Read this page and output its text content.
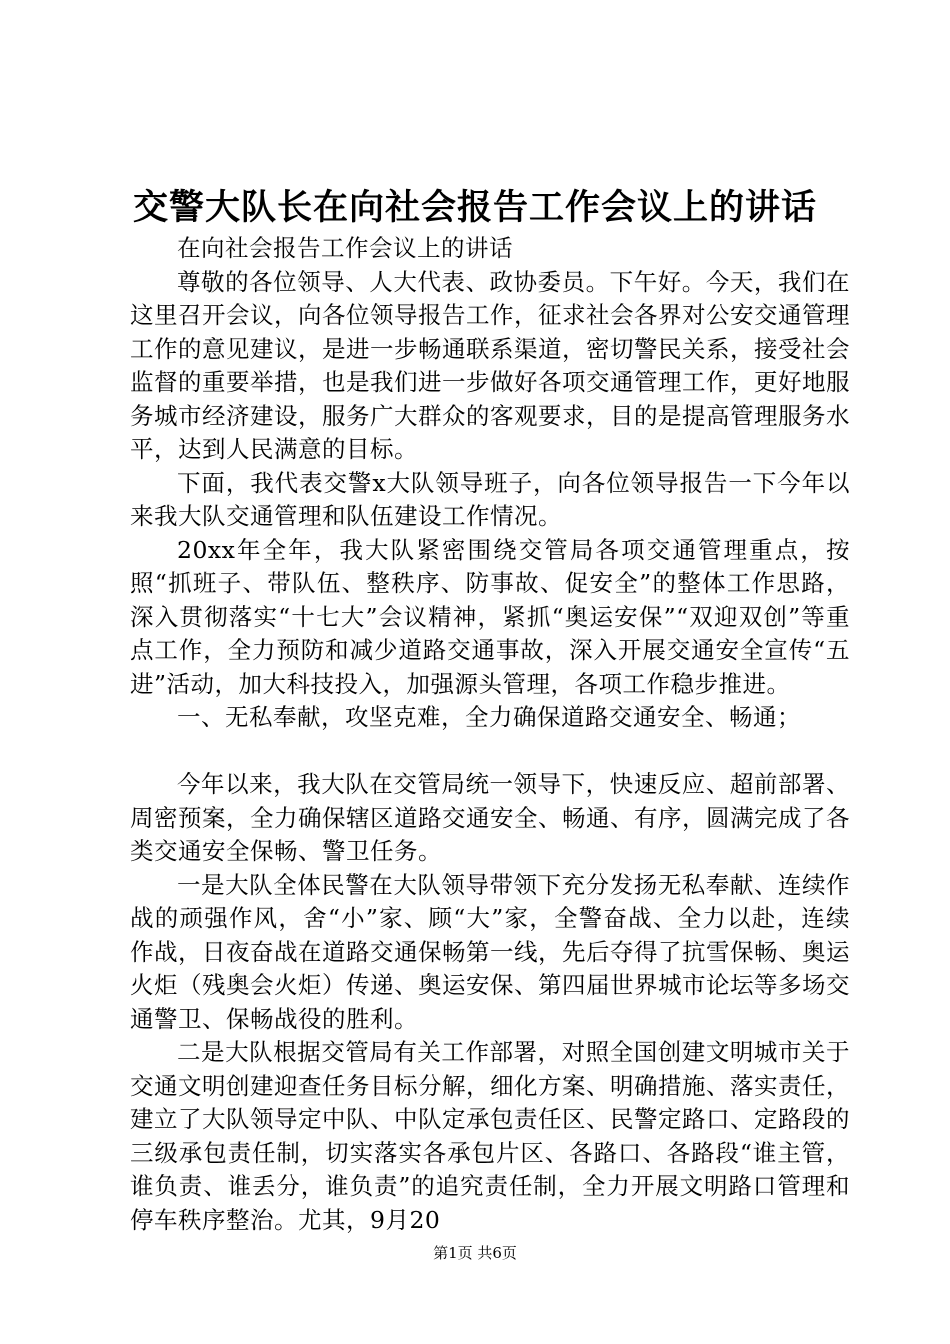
交警大队长在向社会报告工作会议上的讲话

在向社会报告工作会议上的讲话

尊敬的各位领导、人大代表、政协委员。下午好。今天，我们在这里召开会议，向各位领导报告工作，征求社会各界对公安交通管理工作的意见建议，是进一步畅通联系渠道，密切警民关系，接受社会监督的重要举措，也是我们进一步做好各项交通管理工作，更好地服务城市经济建设，服务广大群众的客观要求，目的是提高管理服务水平，达到人民满意的目标。

下面，我代表交警x大队领导班子，向各位领导报告一下今年以来我大队交通管理和队伍建设工作情况。

20xx年全年，我大队紧密围绕交管局各项交通管理重点，按照“抓班子、带队伍、整秩序、防事故、促安全”的整体工作思路，深入贯彻落实“十七大”会议精神，紧抓“奥运安保”“双迎双创”等重点工作，全力预防和减少道路交通事故，深入开展交通安全宣传“五进”活动，加大科技投入，加强源头管理，各项工作稳步推进。

一、无私奉献，攻坚克难，全力确保道路交通安全、畅通；

今年以来，我大队在交管局统一领导下，快速反应、超前部署、周密预案，全力确保辖区道路交通安全、畅通、有序，圆满完成了各类交通安全保畅、警卫任务。

一是大队全体民警在大队领导带领下充分发扬无私奉献、连续作战的顽强作风，舍“小”家、顾“大”家，全警奋战、全力以赴，连续作战，日夜奋战在道路交通保畅第一线，先后夺得了抗雪保畅、奥运火炬（残奥会火炬）传递、奥运安保、第四届世界城市论坛等多场交通警卫、保畅战役的胜利。

二是大队根据交管局有关工作部署，对照全国创建文明城市关于交通文明创建迎查任务目标分解，细化方案、明确措施、落实责任，建立了大队领导定中队、中队定承包责任区、民警定路口、定路段的三级承包责任制，切实落实各承包片区、各路口、各路段“谁主管，谁负责、谁丢分，谁负责”的追究责任制，全力开展文明路口管理和停车秩序整治。尤其，9月20

第1页 共6页
